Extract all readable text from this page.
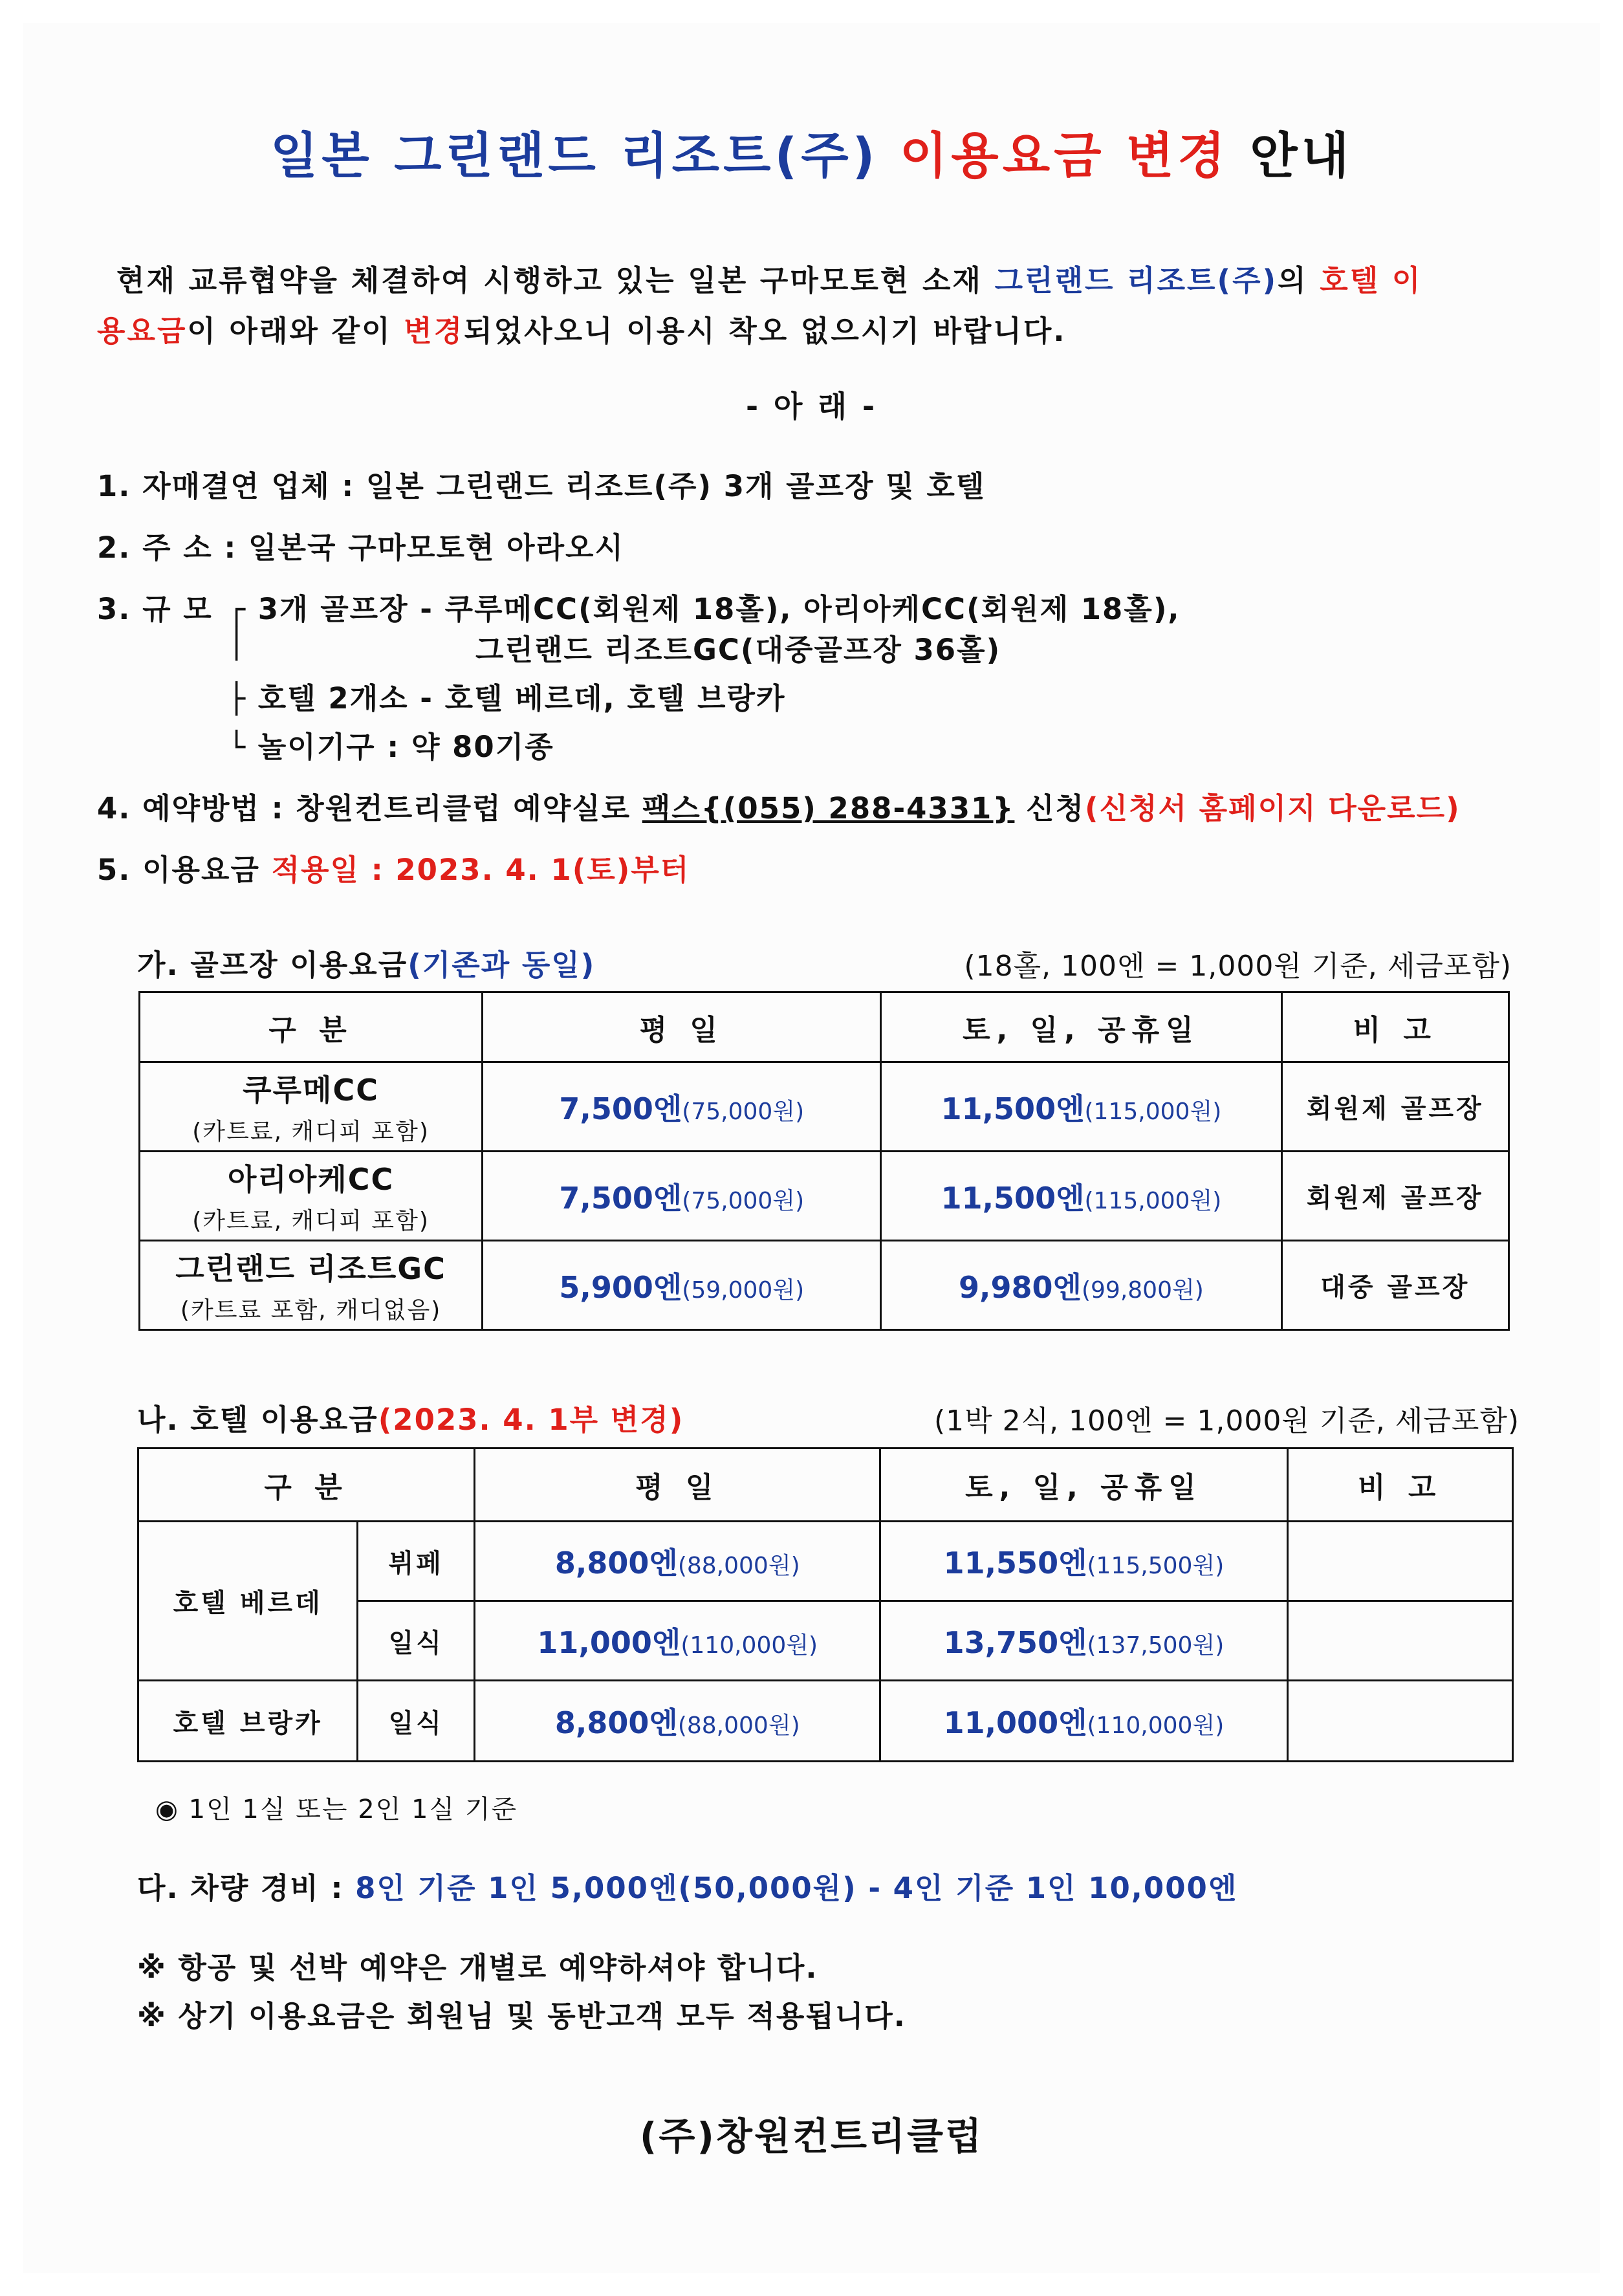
일본 그린랜드 리조트(주) 이용요금 변경 안내
현재 교류협약을 체결하여 시행하고 있는 일본 구마모토현 소재 그린랜드 리조트(주)의 호텔 이
용요금이 아래와 같이 변경되었사오니 이용시 착오 없으시기 바랍니다.
- 아 래 -
1. 자매결연 업체 : 일본 그린랜드 리조트(주) 3개 골프장 및 호텔
2. 주 소 : 일본국 구마모토현 아라오시
3. 규 모 ┌ 3개 골프장 - 쿠루메CC(회원제 18홀), 아리아케CC(회원제 18홀),
│	그린랜드 리조트GC(대중골프장 36홀)
├ 호텔 2개소 - 호텔 베르데, 호텔 브랑카
└ 놀이기구 : 약 80기종
4. 예약방법 : 창원컨트리클럽 예약실로 팩스{(055) 288-4331} 신청(신청서 홈페이지 다운로드)
5. 이용요금 적용일 : 2023. 4. 1(토)부터
가. 골프장 이용요금(기존과 동일)	(18홀, 100엔 = 1,000원 기준, 세금포함)
구 분	평 일	토, 일, 공휴일	비 고

쿠루메CC
(카트료, 캐디피 포함)	7,500엔(75,000원)	11,500엔(115,000원)	회원제 골프장

아리아케CC
(카트료, 캐디피 포함)	7,500엔(75,000원)	11,500엔(115,000원)	회원제 골프장

그린랜드 리조트GC
(카트료 포함, 캐디없음)	5,900엔(59,000원)	9,980엔(99,800원)	대중 골프장
나. 호텔 이용요금(2023. 4. 1부 변경)	(1박 2식, 100엔 = 1,000원 기준, 세금포함)
구 분		평 일	토, 일, 공휴일	비 고
호텔 베르데	뷔페	8,800엔(88,000원)	11,550엔(115,500원)	
	일식	11,000엔(110,000원)	13,750엔(137,500원)	
호텔 브랑카	일식	8,800엔(88,000원)	11,000엔(110,000원)	
◉ 1인 1실 또는 2인 1실 기준
다. 차량 경비 : 8인 기준 1인 5,000엔(50,000원) - 4인 기준 1인 10,000엔
※ 항공 및 선박 예약은 개별로 예약하셔야 합니다.
※ 상기 이용요금은 회원님 및 동반고객 모두 적용됩니다.
(주)창원컨트리클럽
